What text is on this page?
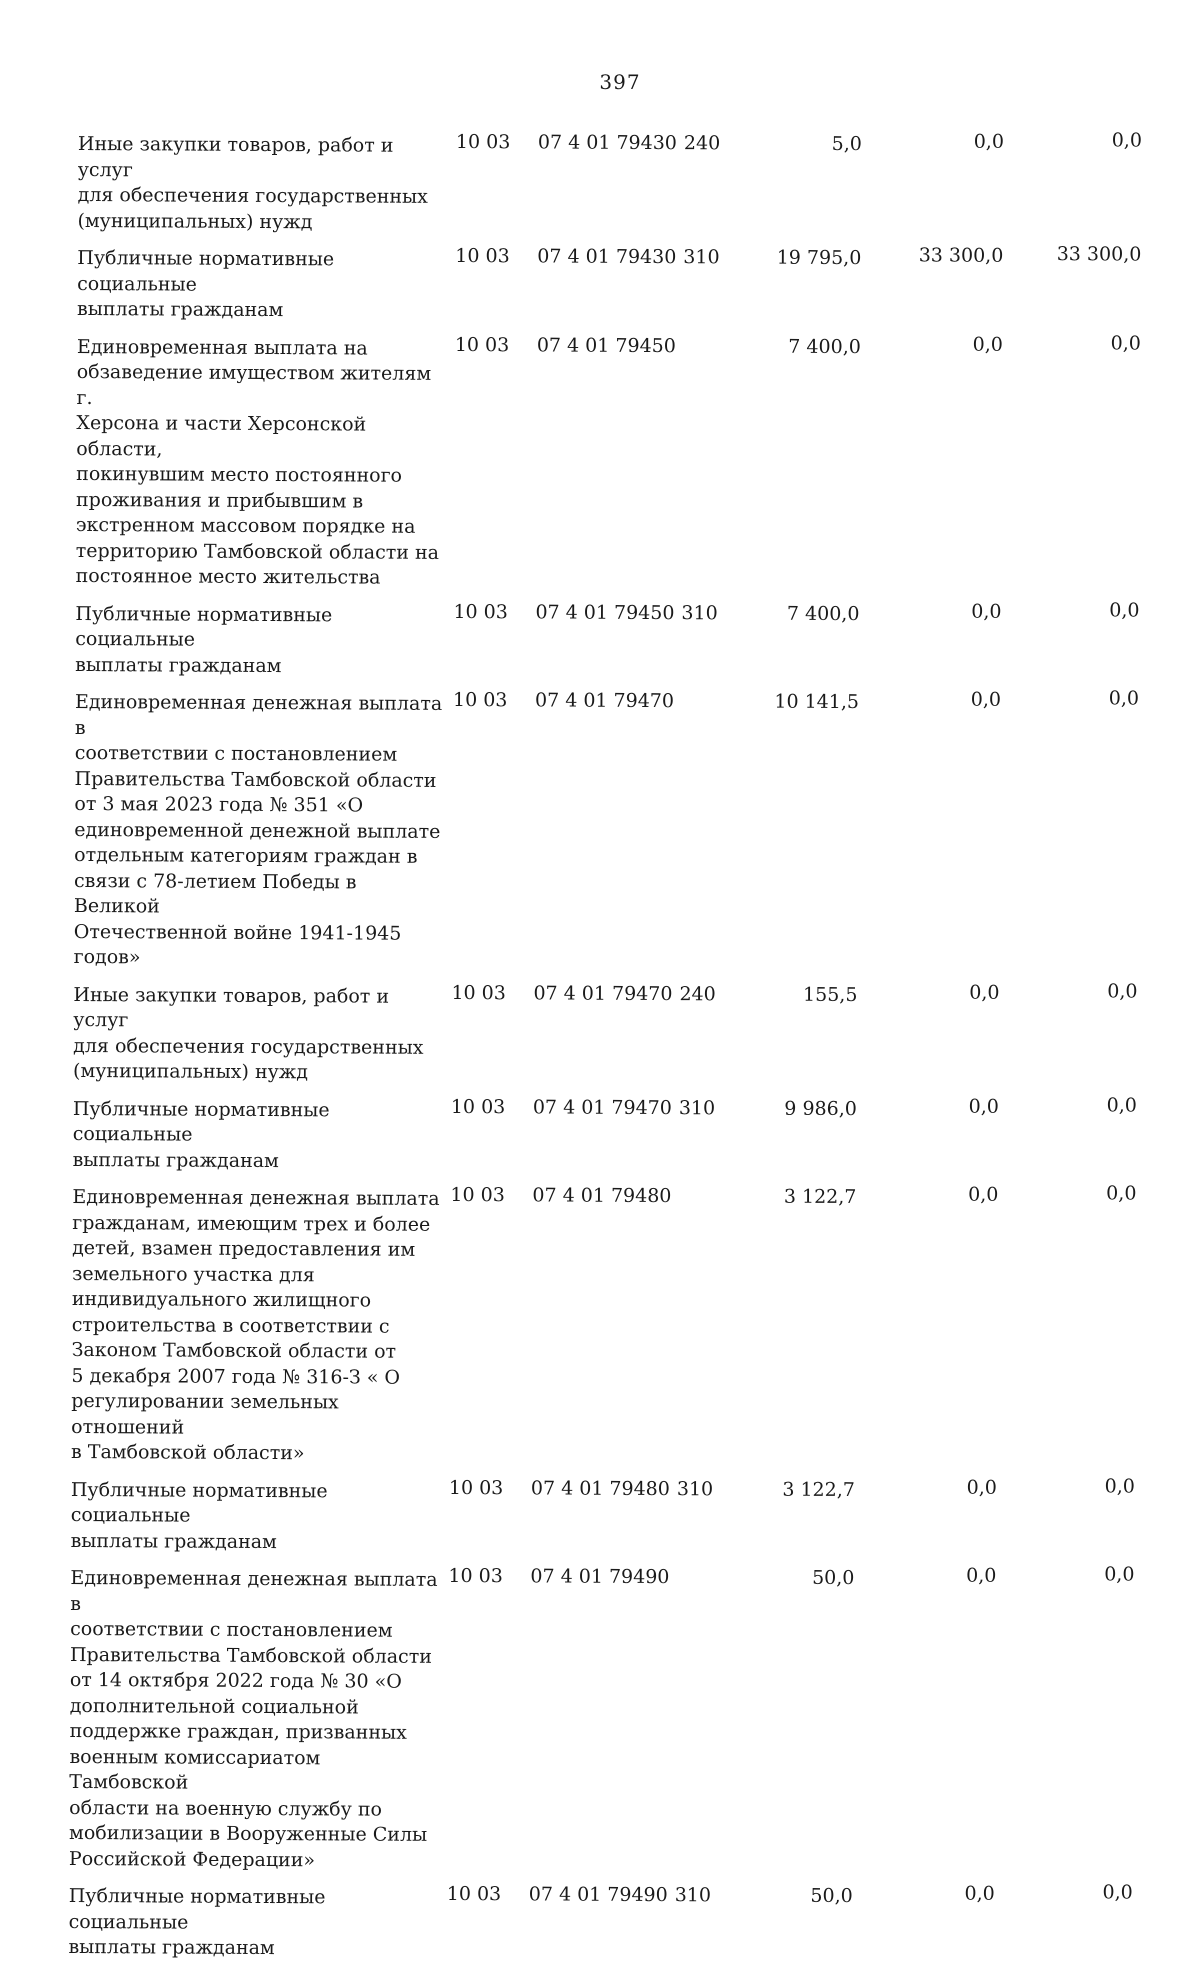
397
Иные закупки товаров, работ и услуг
для обеспечения государственных
(муниципальных) нужд
10 03	07 4 01 79430 240	5,0	0,0	0,0
Публичные нормативные социальные
выплаты гражданам
10 03	07 4 01 79430 310	19 795,0	33 300,0	33 300,0
Единовременная выплата на
обзаведение имуществом жителям г.
Херсона и части Херсонской области,
покинувшим место постоянного
проживания и прибывшим в
экстренном массовом порядке на
территорию Тамбовской области на
постоянное место жительства
10 03	07 4 01 79450	7 400,0	0,0	0,0
Публичные нормативные социальные
выплаты гражданам
10 03	07 4 01 79450 310	7 400,0	0,0	0,0
Единовременная денежная выплата в
соответствии с постановлением
Правительства Тамбовской области
от 3 мая 2023 года № 351 «О
единовременной денежной выплате
отдельным категориям граждан в
связи с 78-летием Победы в Великой
Отечественной войне 1941-1945
годов»
10 03	07 4 01 79470	10 141,5	0,0	0,0
Иные закупки товаров, работ и услуг
для обеспечения государственных
(муниципальных) нужд
10 03	07 4 01 79470 240	155,5	0,0	0,0
Публичные нормативные социальные
выплаты гражданам
10 03	07 4 01 79470 310	9 986,0	0,0	0,0
Единовременная денежная выплата
гражданам, имеющим трех и более
детей, взамен предоставления им
земельного участка для
индивидуального жилищного
строительства в соответствии с
Законом Тамбовской области от
5 декабря 2007 года № 316-З « О
регулировании земельных отношений
в Тамбовской области»
10 03	07 4 01 79480	3 122,7	0,0	0,0
Публичные нормативные социальные
выплаты гражданам
10 03	07 4 01 79480 310	3 122,7	0,0	0,0
Единовременная денежная выплата в
соответствии с постановлением
Правительства Тамбовской области
от 14 октября 2022 года № 30 «О
дополнительной социальной
поддержке граждан, призванных
военным комиссариатом Тамбовской
области на военную службу по
мобилизации в Вооруженные Силы
Российской Федерации»
10 03	07 4 01 79490	50,0	0,0	0,0
Публичные нормативные социальные
выплаты гражданам
10 03	07 4 01 79490 310	50,0	0,0	0,0
